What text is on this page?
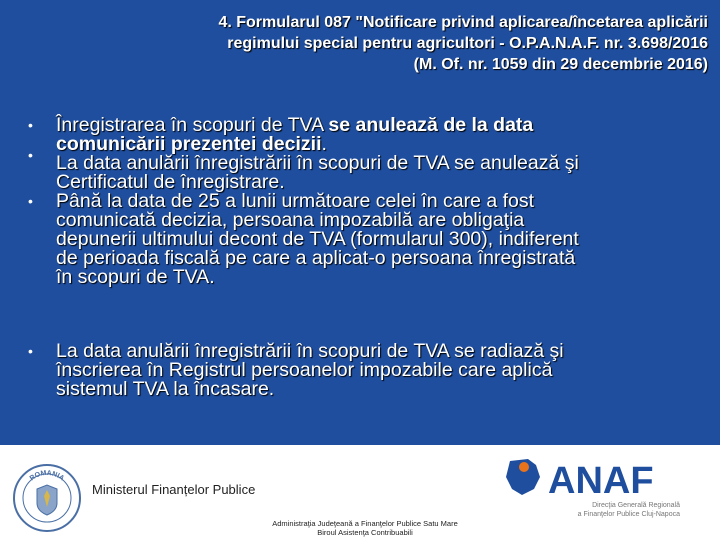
4. Formularul 087 "Notificare privind aplicarea/încetarea aplicării
regimului special pentru agricultori - O.P.A.N.A.F. nr. 3.698/2016
(M. Of. nr. 1059 din 29 decembrie 2016)
• Înregistrarea în scopuri de TVA se anulează de la data
comunicării prezentei decizii.
• La data anulării înregistrării în scopuri de TVA se anulează şi
Certificatul de înregistrare.
• Până la data de 25 a lunii următoare celei în care a fost
comunicată decizia, persoana impozabilă are obligaţia
depunerii ultimului decont de TVA (formularul 300), indiferent
de perioada fiscală pe care a aplicat-o persoana înregistrată
în scopuri de TVA.
• La data anulării înregistrării în scopuri de TVA se radiază şi
înscrierea în Registrul persoanelor impozabile care aplică
sistemul TVA la încasare.
ROMANIA
Ministerul Finanțelor Publice
Administraţia Judeţeană a Finanţelor Publice Satu Mare
Biroul Asistenţa Contribuabili
ANAF
Direcţia Generală Regională
a Finanţelor Publice Cluj-Napoca
